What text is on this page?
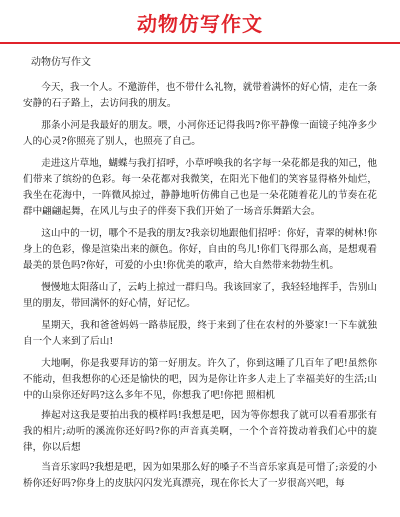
动物仿写作文
动物仿写作文

今天，我一个人。不邀游伴，也不带什么礼物，就带着满怀的好心情，走在一条安静的石子路上，去访问我的朋友。

那条小河是我最好的朋友。喂，小河你还记得我吗?你平静像一面镜子纯净多少人的心灵?你照亮了别人，也照亮了自己。

走进这片草地，蝴蝶与我打招呼，小草呼唤我的名字每一朵花都是我的知己，他们带来了缤纷的色彩。每一朵花都对我微笑，在阳光下他们的笑容显得格外灿烂，我坐在花海中，一阵微风掠过，静静地听仿佛自己也是一朵花随着花儿的节奏在花群中翩翩起舞，在风儿与虫子的伴奏下我们开始了一场音乐舞蹈大会。

这山中的一切，哪个不是我的朋友?我亲切地跟他们招呼：你好，青翠的树林!你身上的色彩，像是渲染出来的颜色。你好，自由的鸟儿!你们飞得那么高，是想观看最美的景色吗?你好，可爱的小虫!你优美的歌声，给大自然带来勃勃生机。

慢慢地太阳落山了，云屿上掠过一群归鸟。我该回家了，我轻轻地挥手，告别山里的朋友，带回满怀的好心情，好记忆。

星期天，我和爸爸妈妈一路恭屁股，终于来到了住在农村的外婆家!一下车就独自一个人来到了后山!

大地啊，你是我要拜访的第一好朋友。许久了，你到这睡了几百年了吧!虽然你不能动，但我想你的心还是愉快的吧，因为是你让许多人走上了幸福美好的生活;山中的山泉你还好吗?这么多年不见，你想我了吧!你把 照相机

捧起对这我是要拍出我的模样吗!我想是吧，因为等你想我了就可以看看那张有我的相片;动听的溪流你还好吗?你的声音真美啊，一个个音符拨动着我们心中的旋律，你以后想

当音乐家吗?我想是吧，因为如果那么好的嗓子不当音乐家真是可惜了;亲爱的小桥你还好吗?你身上的皮肤闪闪发光真漂亮，现在你长大了一岁很高兴吧，每
